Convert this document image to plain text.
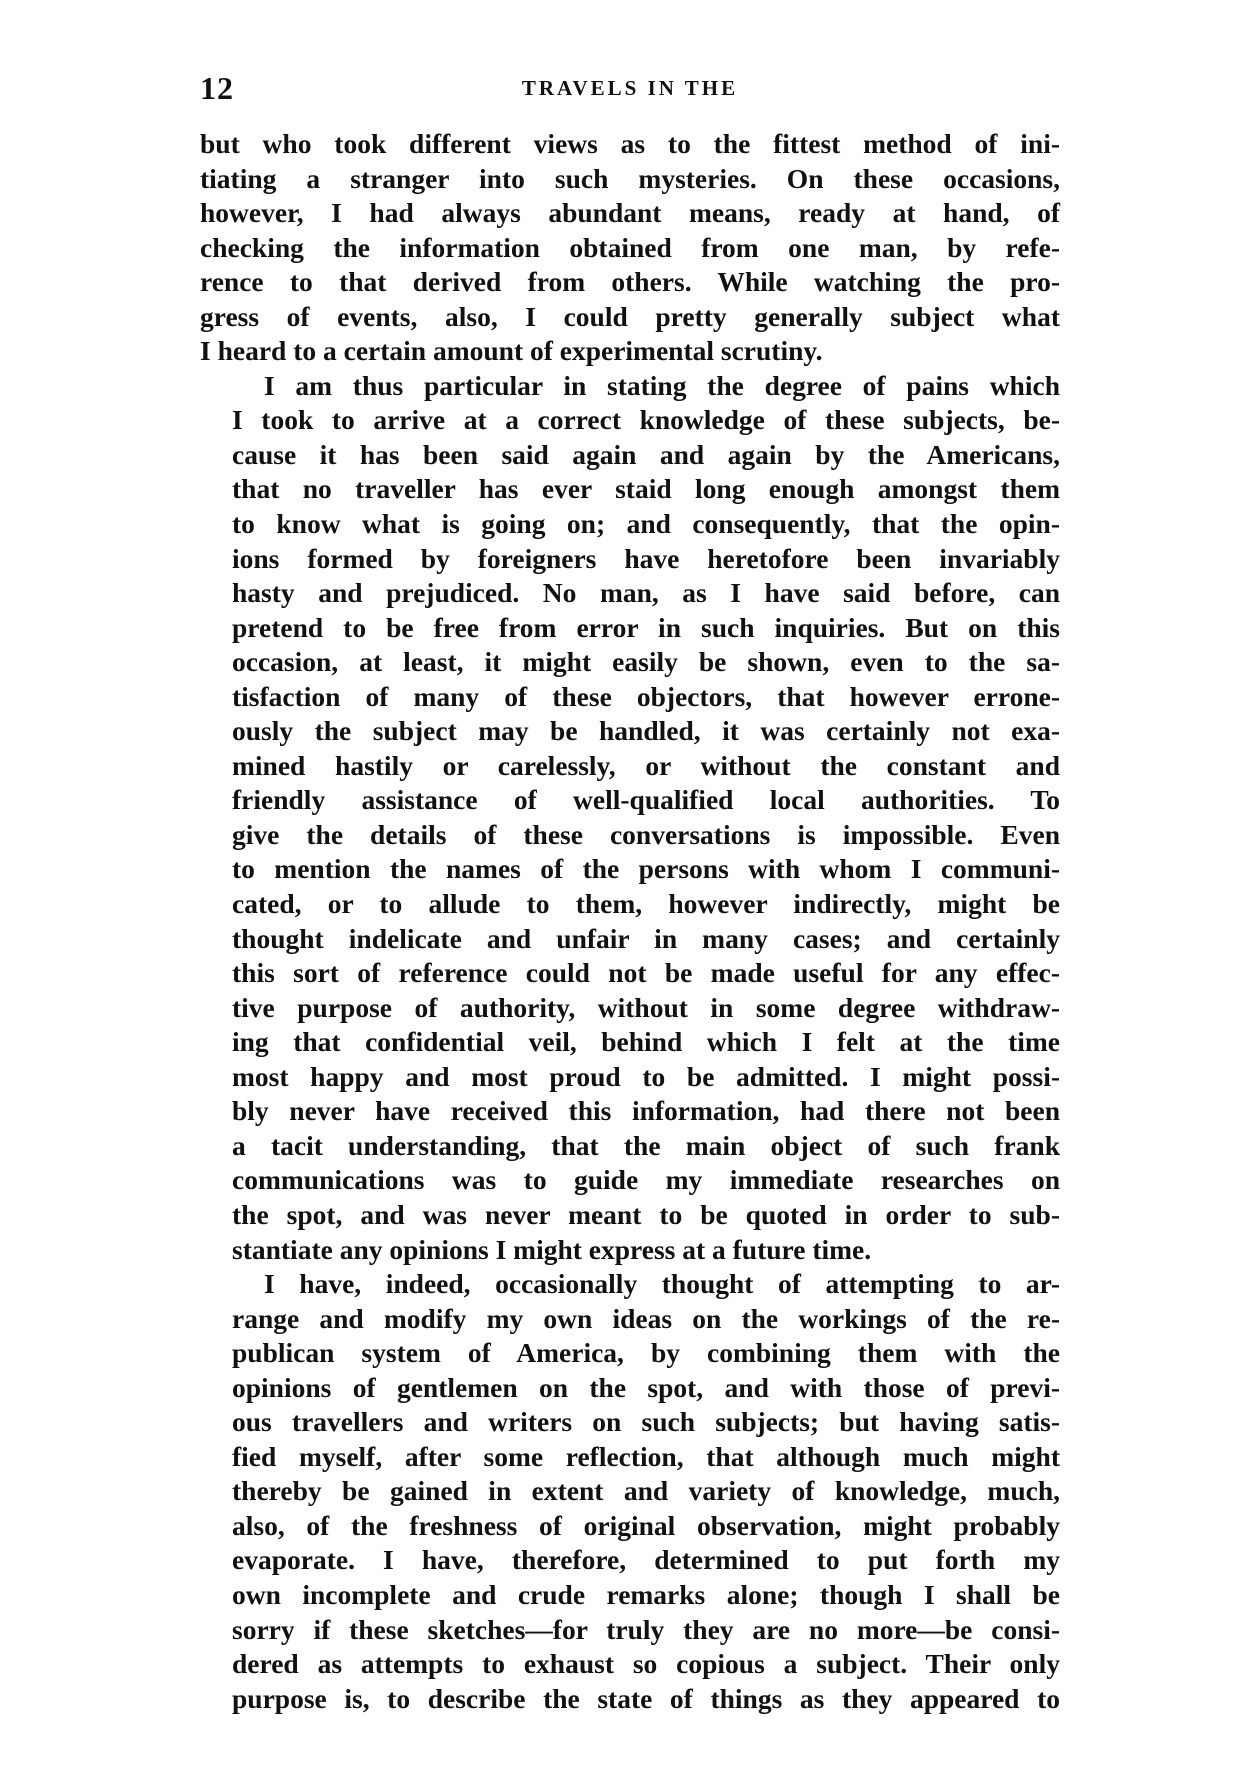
12	TRAVELS IN THE
but who took different views as to the fittest method of ini-
tiating a stranger into such mysteries. On these occasions,
however, I had always abundant means, ready at hand, of
checking the information obtained from one man, by refe-
rence to that derived from others. While watching the pro-
gress of events, also, I could pretty generally subject what
I heard to a certain amount of experimental scrutiny.
I am thus particular in stating the degree of pains which
I took to arrive at a correct knowledge of these subjects, be-
cause it has been said again and again by the Americans,
that no traveller has ever staid long enough amongst them
to know what is going on; and consequently, that the opin-
ions formed by foreigners have heretofore been invariably
hasty and prejudiced. No man, as I have said before, can
pretend to be free from error in such inquiries. But on this
occasion, at least, it might easily be shown, even to the sa-
tisfaction of many of these objectors, that however errone-
ously the subject may be handled, it was certainly not exa-
mined hastily or carelessly, or without the constant and
friendly assistance of well-qualified local authorities. To
give the details of these conversations is impossible. Even
to mention the names of the persons with whom I communi-
cated, or to allude to them, however indirectly, might be
thought indelicate and unfair in many cases; and certainly
this sort of reference could not be made useful for any effec-
tive purpose of authority, without in some degree withdraw-
ing that confidential veil, behind which I felt at the time
most happy and most proud to be admitted. I might possi-
bly never have received this information, had there not been
a tacit understanding, that the main object of such frank
communications was to guide my immediate researches on
the spot, and was never meant to be quoted in order to sub-
stantiate any opinions I might express at a future time.
I have, indeed, occasionally thought of attempting to ar-
range and modify my own ideas on the workings of the re-
publican system of America, by combining them with the
opinions of gentlemen on the spot, and with those of previ-
ous travellers and writers on such subjects; but having satis-
fied myself, after some reflection, that although much might
thereby be gained in extent and variety of knowledge, much,
also, of the freshness of original observation, might probably
evaporate. I have, therefore, determined to put forth my
own incomplete and crude remarks alone; though I shall be
sorry if these sketches—for truly they are no more—be consi-
dered as attempts to exhaust so copious a subject. Their only
purpose is, to describe the state of things as they appeared to
